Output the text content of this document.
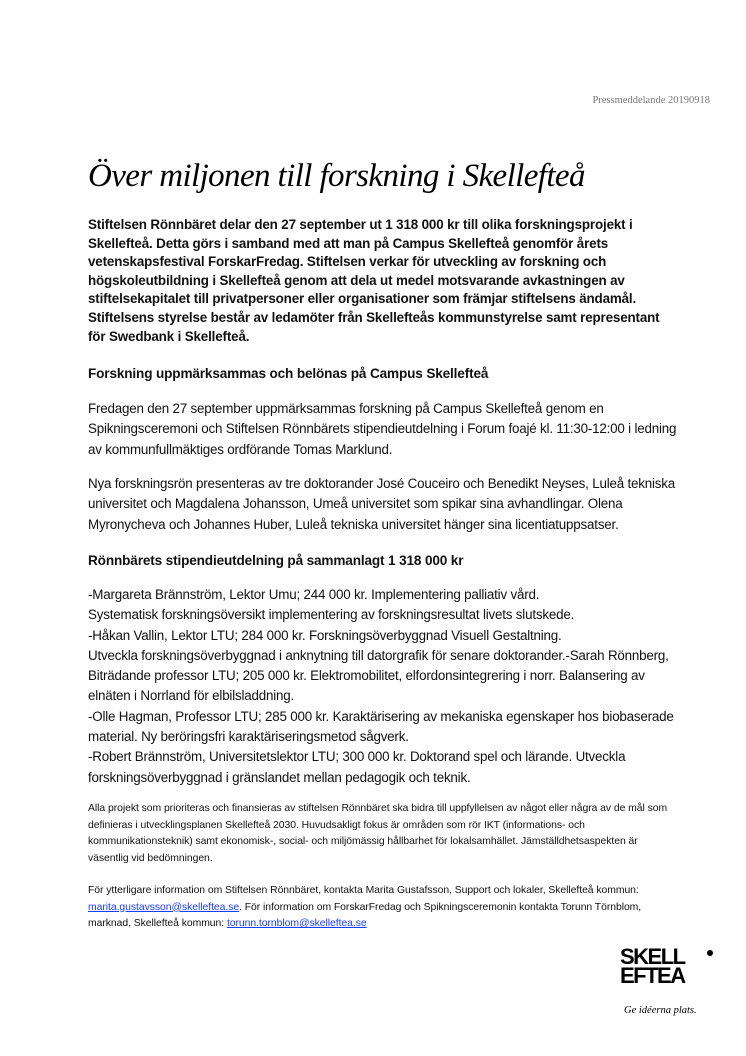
Pressmeddelande 20190918
Över miljonen till forskning i Skellefteå

Stiftelsen Rönnbäret delar den 27 september ut 1 318 000 kr till olika forskningsprojekt i Skellefteå. Detta görs i samband med att man på Campus Skellefteå genomför årets vetenskapsfestival ForskarFredag. Stiftelsen verkar för utveckling av forskning och högskoleutbildning i Skellefteå genom att dela ut medel motsvarande avkastningen av stiftelsekapitalet till privatpersoner eller organisationer som främjar stiftelsens ändamål. Stiftelsens styrelse består av ledamöter från Skellefteås kommunstyrelse samt representant för Swedbank i Skellefteå.

Forskning uppmärksammas och belönas på Campus Skellefteå

Fredagen den 27 september uppmärksammas forskning på Campus Skellefteå genom en Spikningsceremoni och Stiftelsen Rönnbärets stipendieutdelning i Forum foajé kl. 11:30-12:00 i ledning av kommunfullmäktiges ordförande Tomas Marklund.

Nya forskningsrön presenteras av tre doktorander José Couceiro och Benedikt Neyses, Luleå tekniska universitet och Magdalena Johansson, Umeå universitet som spikar sina avhandlingar. Olena Myronycheva och Johannes Huber, Luleå tekniska universitet hänger sina licentiatuppsatser.

Rönnbärets stipendieutdelning på sammanlagt 1 318 000 kr
-Margareta Brännström, Lektor Umu; 244 000 kr. Implementering palliativ vård.
Systematisk forskningsöversikt implementering av forskningsresultat livets slutskede.
-Håkan Vallin, Lektor LTU; 284 000 kr. Forskningsöverbyggnad Visuell Gestaltning.
Utveckla forskningsöverbyggnad i anknytning till datorgrafik för senare doktorander.-Sarah Rönnberg, Biträdande professor LTU; 205 000 kr. Elektromobilitet, elfordonsintegrering i norr. Balansering av elnäten i Norrland för elbilsladdning.
-Olle Hagman, Professor LTU; 285 000 kr. Karaktärisering av mekaniska egenskaper hos biobaserade material. Ny beröringsfri karaktäriseringsmetod sågverk.
-Robert Brännström, Universitetslektor LTU; 300 000 kr. Doktorand spel och lärande. Utveckla forskningsöverbyggnad i gränslandet mellan pedagogik och teknik.

Alla projekt som prioriteras och finansieras av stiftelsen Rönnbäret ska bidra till uppfyllelsen av något eller några av de mål som definieras i utvecklingsplanen Skellefteå 2030. Huvudsakligt fokus är områden som rör IKT (informations- och kommunikationsteknik) samt ekonomisk-, social- och miljömässig hållbarhet för lokalsamhället. Jämställdhetsaspekten är väsentlig vid bedömningen.

För ytterligare information om Stiftelsen Rönnbäret, kontakta Marita Gustafsson, Support och lokaler, Skellefteå kommun: marita.gustavsson@skelleftea.se. För information om ForskarFredag och Spikningsceremonin kontakta Torunn Törnblom, marknad, Skellefteå kommun: torunn.tornblom@skelleftea.se

SKELL
EFTEA
Ge idéerna plats.
